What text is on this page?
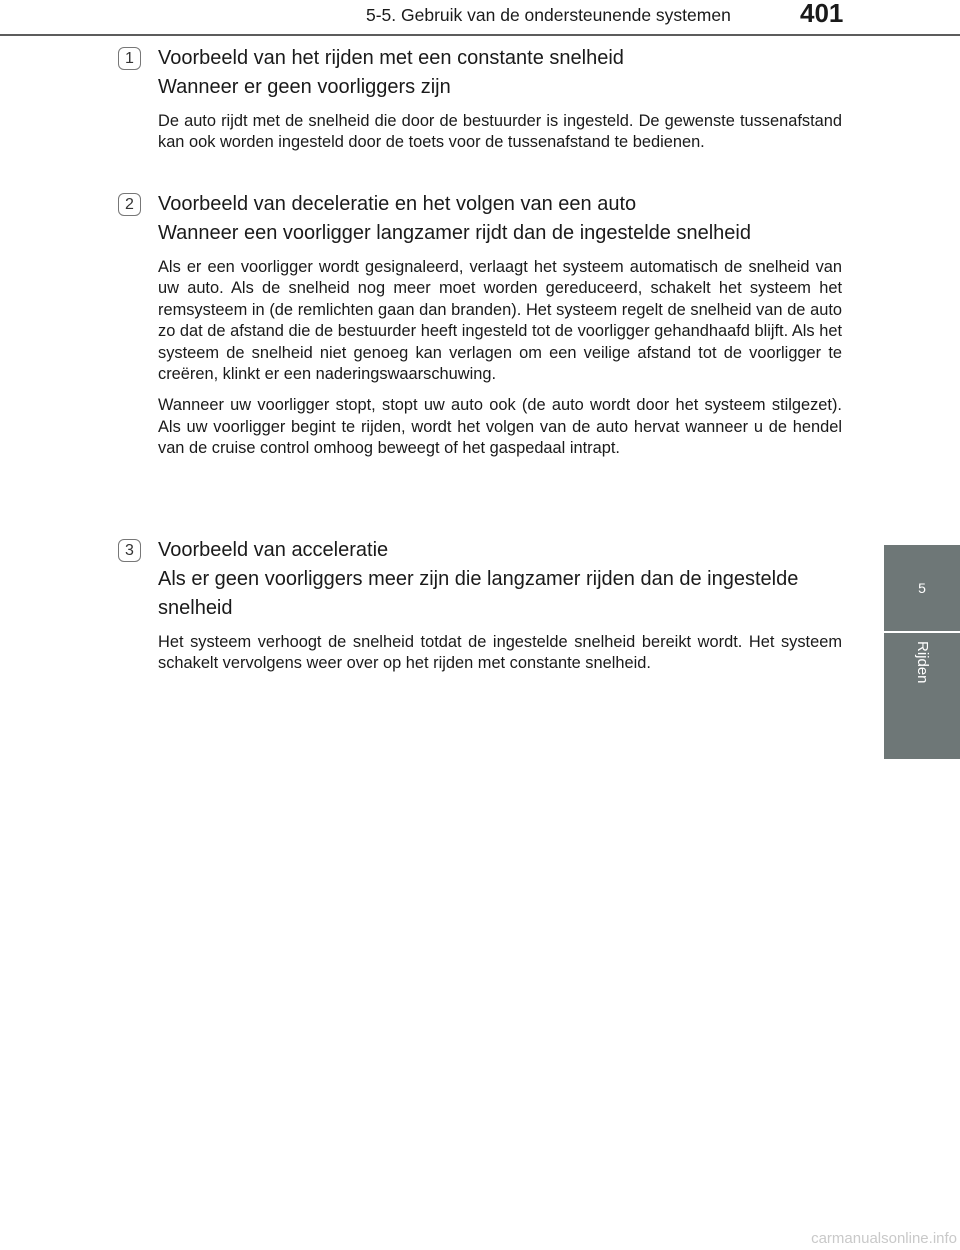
5-5. Gebruik van de ondersteunende systemen	401
5
Rijden
1	Voorbeeld van het rijden met een constante snelheid
Wanneer er geen voorliggers zijn
De auto rijdt met de snelheid die door de bestuurder is ingesteld. De gewenste tussenafstand kan ook worden ingesteld door de toets voor de tussenafstand te bedienen.
2	Voorbeeld van deceleratie en het volgen van een auto
Wanneer een voorligger langzamer rijdt dan de ingestelde snelheid
Als er een voorligger wordt gesignaleerd, verlaagt het systeem automatisch de snelheid van uw auto. Als de snelheid nog meer moet worden gereduceerd, schakelt het systeem het remsysteem in (de remlichten gaan dan branden). Het systeem regelt de snelheid van de auto zo dat de afstand die de bestuurder heeft ingesteld tot de voorligger gehandhaafd blijft. Als het systeem de snelheid niet genoeg kan verlagen om een veilige afstand tot de voorligger te creëren, klinkt er een naderingswaarschuwing.
Wanneer uw voorligger stopt, stopt uw auto ook (de auto wordt door het systeem stilgezet). Als uw voorligger begint te rijden, wordt het volgen van de auto hervat wanneer u de hendel van de cruise control omhoog beweegt of het gaspedaal intrapt.
3	Voorbeeld van acceleratie
Als er geen voorliggers meer zijn die langzamer rijden dan de ingestelde snelheid
Het systeem verhoogt de snelheid totdat de ingestelde snelheid bereikt wordt. Het systeem schakelt vervolgens weer over op het rijden met constante snelheid.
carmanualsonline.info
